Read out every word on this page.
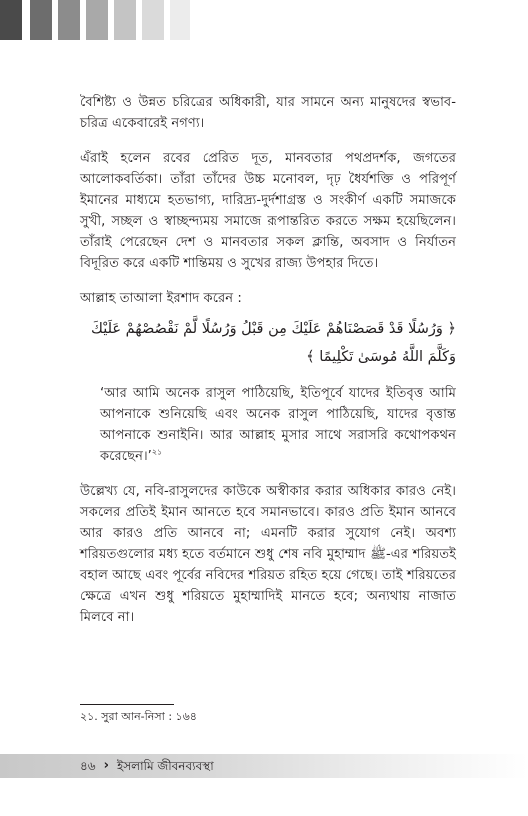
বৈশিষ্ট্য ও উন্নত চরিত্রের অধিকারী, যার সামনে অন্য মানুষদের স্বভাব-চরিত্র একেবারেই নগণ্য।

এঁরাই হলেন রবের প্রেরিত দূত, মানবতার পথপ্রদর্শক, জগতের আলোকবর্তিকা। তাঁরা তাঁদের উচ্চ মনোবল, দৃঢ় ধৈর্যশক্তি ও পরিপূর্ণ ইমানের মাধ্যমে হতভাগ্য, দারিদ্র্য-দুর্দশাগ্রস্ত ও সংকীর্ণ একটি সমাজকে সুখী, সচ্ছল ও স্বাচ্ছন্দ্যময় সমাজে রূপান্তরিত করতে সক্ষম হয়েছিলেন। তাঁরাই পেরেছেন দেশ ও মানবতার সকল ক্লান্তি, অবসাদ ও নির্যাতন বিদূরিত করে একটি শান্তিময় ও সুখের রাজ্য উপহার দিতে।

আল্লাহ তাআলা ইরশাদ করেন :

﴿ وَرُسُلًا قَدْ قَصَصْنَاهُمْ عَلَيْكَ مِن قَبْلُ وَرُسُلًا لَّمْ نَقْصُصْهُمْ عَلَيْكَ وَكَلَّمَ اللَّهُ مُوسَىٰ تَكْلِيمًا ﴾

‘আর আমি অনেক রাসুল পাঠিয়েছি, ইতিপূর্বে যাদের ইতিবৃত্ত আমি আপনাকে শুনিয়েছি এবং অনেক রাসুল পাঠিয়েছি, যাদের বৃত্তান্ত আপনাকে শুনাইনি। আর আল্লাহ মুসার সাথে সরাসরি কথোপকথন করেছেন।’$^{২১}$

উল্লেখ্য যে, নবি-রাসুলদের কাউকে অস্বীকার করার অধিকার কারও নেই। সকলের প্রতিই ইমান আনতে হবে সমানভাবে। কারও প্রতি ইমান আনবে আর কারও প্রতি আনবে না; এমনটি করার সুযোগ নেই। অবশ্য শরিয়তগুলোর মধ্য হতে বর্তমানে শুধু শেষ নবি মুহাম্মাদ ﷺ-এর শরিয়তই বহাল আছে এবং পূর্বের নবিদের শরিয়ত রহিত হয়ে গেছে। তাই শরিয়তের ক্ষেত্রে এখন শুধু শরিয়তে মুহাম্মাদিই মানতে হবে; অন্যথায় নাজাত মিলবে না।

২১. সুরা আন-নিসা : ১৬৪
৪৬ › ইসলামি জীবনব্যবস্থা
